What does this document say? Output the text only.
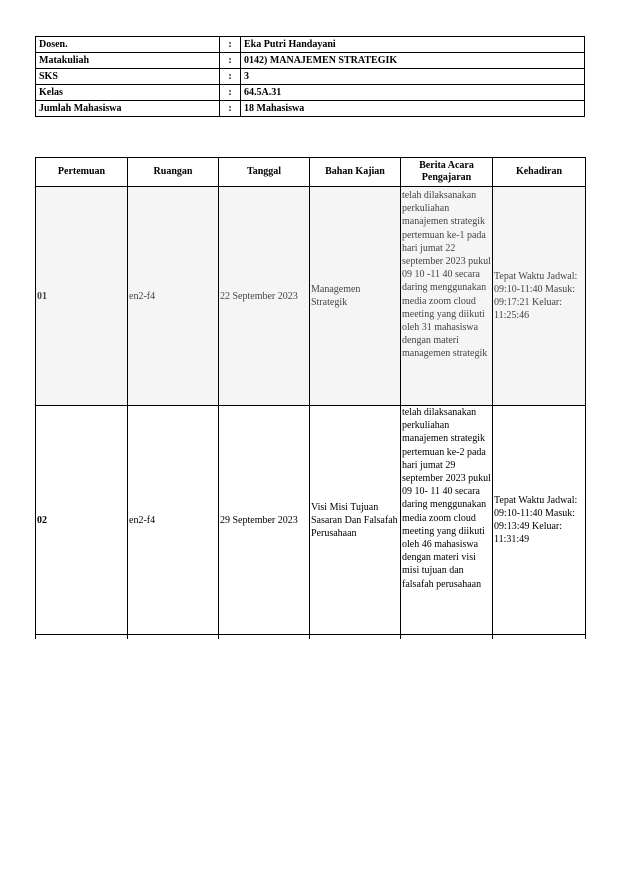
Dosen.	:	Eka Putri Handayani
Matakuliah	:	0142) MANAJEMEN STRATEGIK
SKS	:	3
Kelas	:	64.5A.31
Jumlah Mahasiswa	:	18 Mahasiswa
Pertemuan	Ruangan	Tanggal	Bahan Kajian	Berita Acara Pengajaran	Kehadiran
01	en2-f4	22 September 2023	Managemen Strategik	telah dilaksanakan perkuliahan manajemen strategik pertemuan ke-1 pada hari jumat 22 september 2023 pukul 09 10 -11 40 secara daring menggunakan media zoom cloud meeting yang diikuti oleh 31 mahasiswa dengan materi managemen strategik	Tepat Waktu Jadwal: 09:10-11:40 Masuk: 09:17:21 Keluar: 11:25:46
02	en2-f4	29 September 2023	Visi Misi Tujuan Sasaran Dan Falsafah Perusahaan	telah dilaksanakan perkuliahan manajemen strategik pertemuan ke-2 pada hari jumat 29 september 2023 pukul 09 10- 11 40 secara daring menggunakan media zoom cloud meeting yang diikuti oleh 46 mahasiswa dengan materi visi misi tujuan dan falsafah perusahaan	Tepat Waktu Jadwal: 09:10-11:40 Masuk: 09:13:49 Keluar: 11:31:49
